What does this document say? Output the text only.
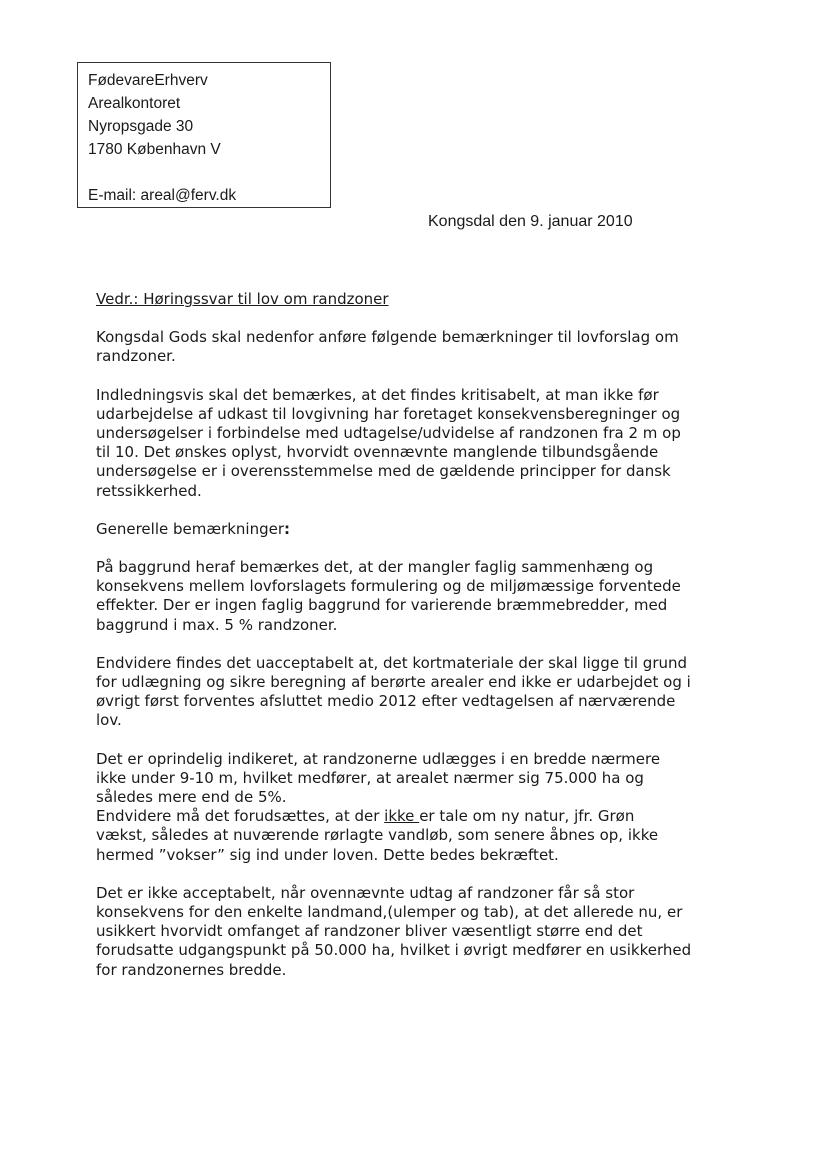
FødevareErhverv
Arealkontoret
Nyropsgade 30
1780 København V
E-mail: areal@ferv.dk
Kongsdal den 9. januar 2010

Vedr.: Høringssvar til lov om randzoner

Kongsdal Gods skal nedenfor anføre følgende bemærkninger til lovforslag om
randzoner.

Indledningsvis skal det bemærkes, at det findes kritisabelt, at man ikke før
udarbejdelse af udkast til lovgivning har foretaget konsekvensberegninger og
undersøgelser i forbindelse med udtagelse/udvidelse af randzonen fra 2 m op
til 10. Det ønskes oplyst, hvorvidt ovennævnte manglende tilbundsgående
undersøgelse er i overensstemmelse med de gældende principper for dansk
retssikkerhed.

Generelle bemærkninger:

På baggrund heraf bemærkes det, at der mangler faglig sammenhæng og
konsekvens mellem lovforslagets formulering og de miljømæssige forventede
effekter. Der er ingen faglig baggrund for varierende bræmmebredder, med
baggrund i max. 5 % randzoner.

Endvidere findes det uacceptabelt at, det kortmateriale der skal ligge til grund
for udlægning og sikre beregning af berørte arealer end ikke er udarbejdet og i
øvrigt først forventes afsluttet medio 2012 efter vedtagelsen af nærværende
lov.

Det er oprindelig indikeret, at randzonerne udlægges i en bredde nærmere
ikke under 9-10 m, hvilket medfører, at arealet nærmer sig 75.000 ha og
således mere end de 5%.

Endvidere må det forudsættes, at der ikke er tale om ny natur, jfr. Grøn
vækst, således at nuværende rørlagte vandløb, som senere åbnes op, ikke
hermed ”vokser” sig ind under loven. Dette bedes bekræftet.

Det er ikke acceptabelt, når ovennævnte udtag af randzoner får så stor
konsekvens for den enkelte landmand,(ulemper og tab), at det allerede nu, er
usikkert hvorvidt omfanget af randzoner bliver væsentligt større end det
forudsatte udgangspunkt på 50.000 ha, hvilket i øvrigt medfører en usikkerhed
for randzonernes bredde.
